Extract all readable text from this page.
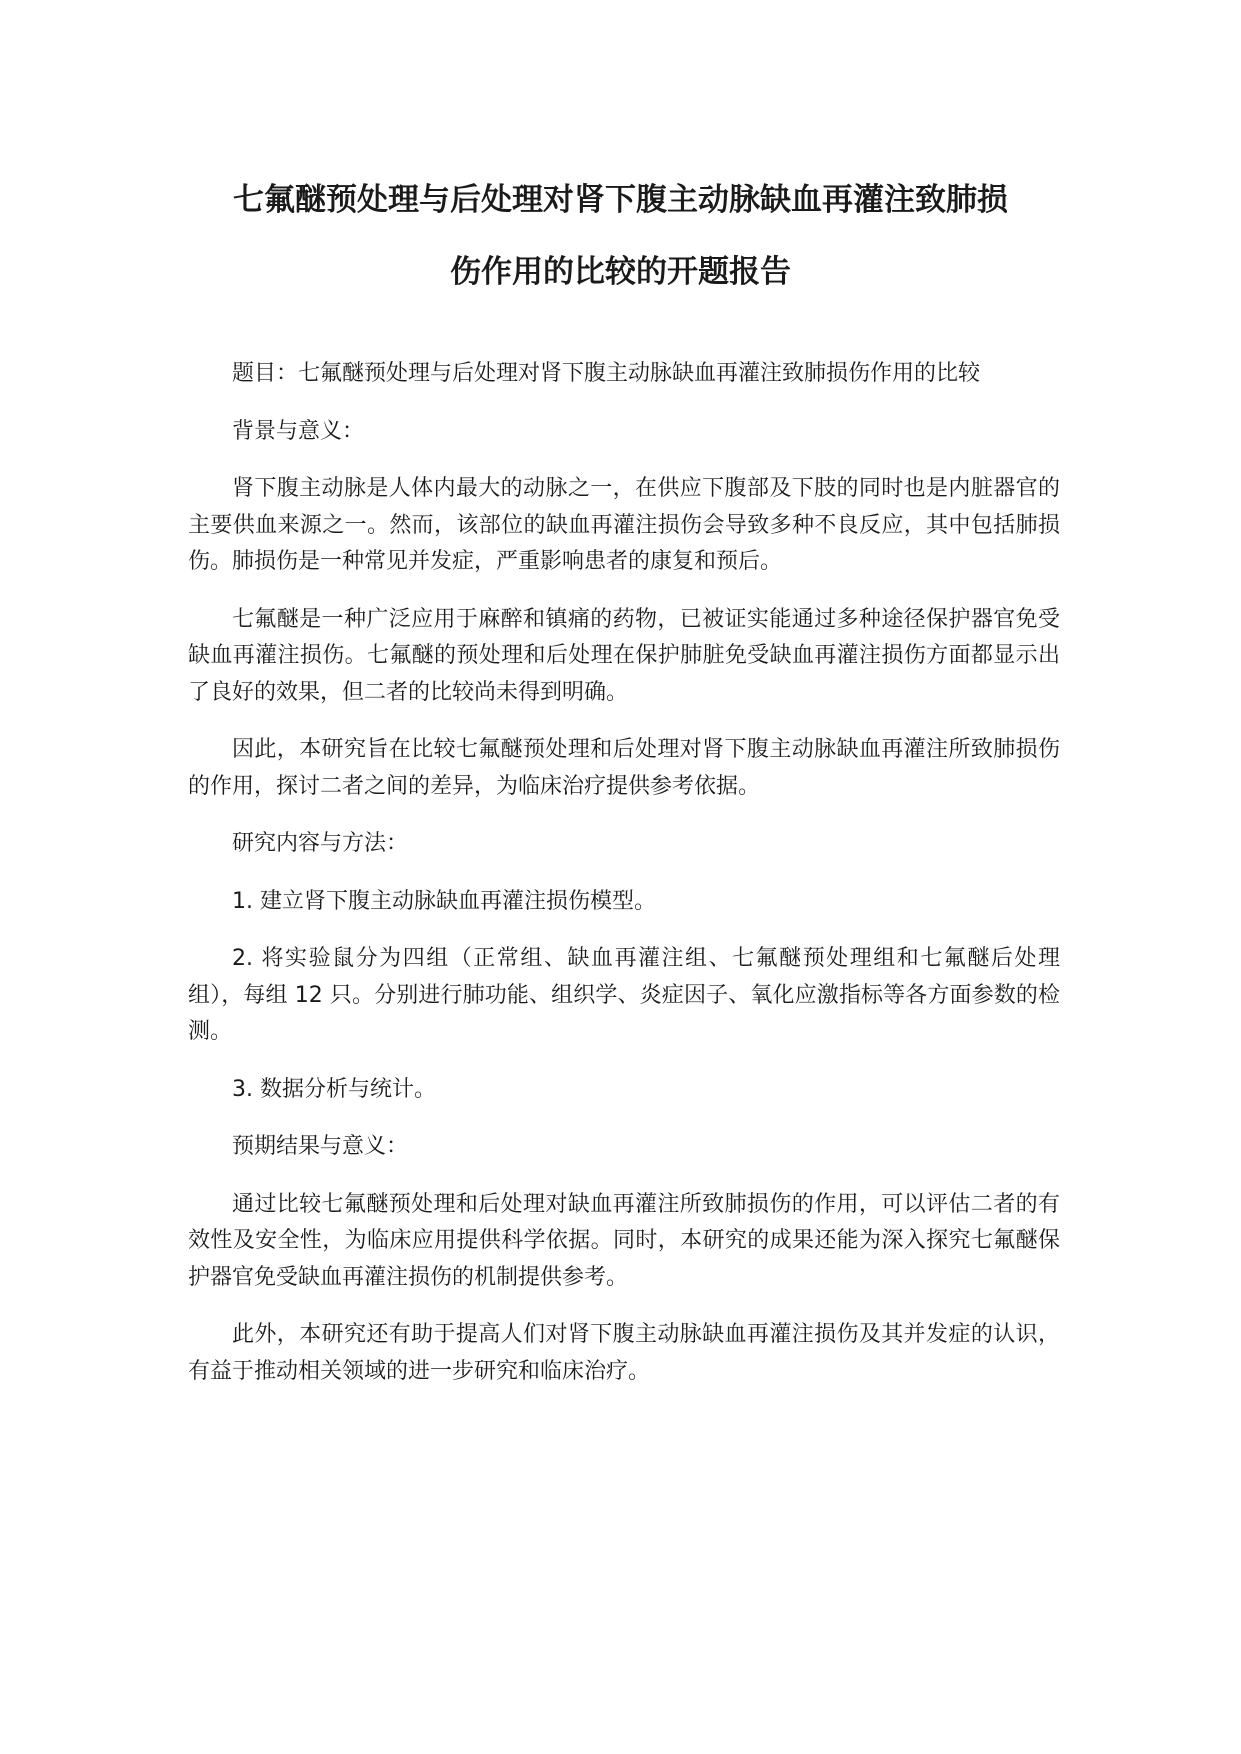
七氟醚预处理与后处理对肾下腹主动脉缺血再灌注致肺损
伤作用的比较的开题报告

题目：七氟醚预处理与后处理对肾下腹主动脉缺血再灌注致肺损伤作用的比较

背景与意义：

肾下腹主动脉是人体内最大的动脉之一，在供应下腹部及下肢的同时也是内脏器官的主要供血来源之一。然而，该部位的缺血再灌注损伤会导致多种不良反应，其中包括肺损伤。肺损伤是一种常见并发症，严重影响患者的康复和预后。

七氟醚是一种广泛应用于麻醉和镇痛的药物，已被证实能通过多种途径保护器官免受缺血再灌注损伤。七氟醚的预处理和后处理在保护肺脏免受缺血再灌注损伤方面都显示出了良好的效果，但二者的比较尚未得到明确。

因此，本研究旨在比较七氟醚预处理和后处理对肾下腹主动脉缺血再灌注所致肺损伤的作用，探讨二者之间的差异，为临床治疗提供参考依据。

研究内容与方法：

1. 建立肾下腹主动脉缺血再灌注损伤模型。

2. 将实验鼠分为四组（正常组、缺血再灌注组、七氟醚预处理组和七氟醚后处理组），每组 12 只。分别进行肺功能、组织学、炎症因子、氧化应激指标等各方面参数的检测。

3. 数据分析与统计。

预期结果与意义：

通过比较七氟醚预处理和后处理对缺血再灌注所致肺损伤的作用，可以评估二者的有效性及安全性，为临床应用提供科学依据。同时，本研究的成果还能为深入探究七氟醚保护器官免受缺血再灌注损伤的机制提供参考。

此外，本研究还有助于提高人们对肾下腹主动脉缺血再灌注损伤及其并发症的认识，有益于推动相关领域的进一步研究和临床治疗。
